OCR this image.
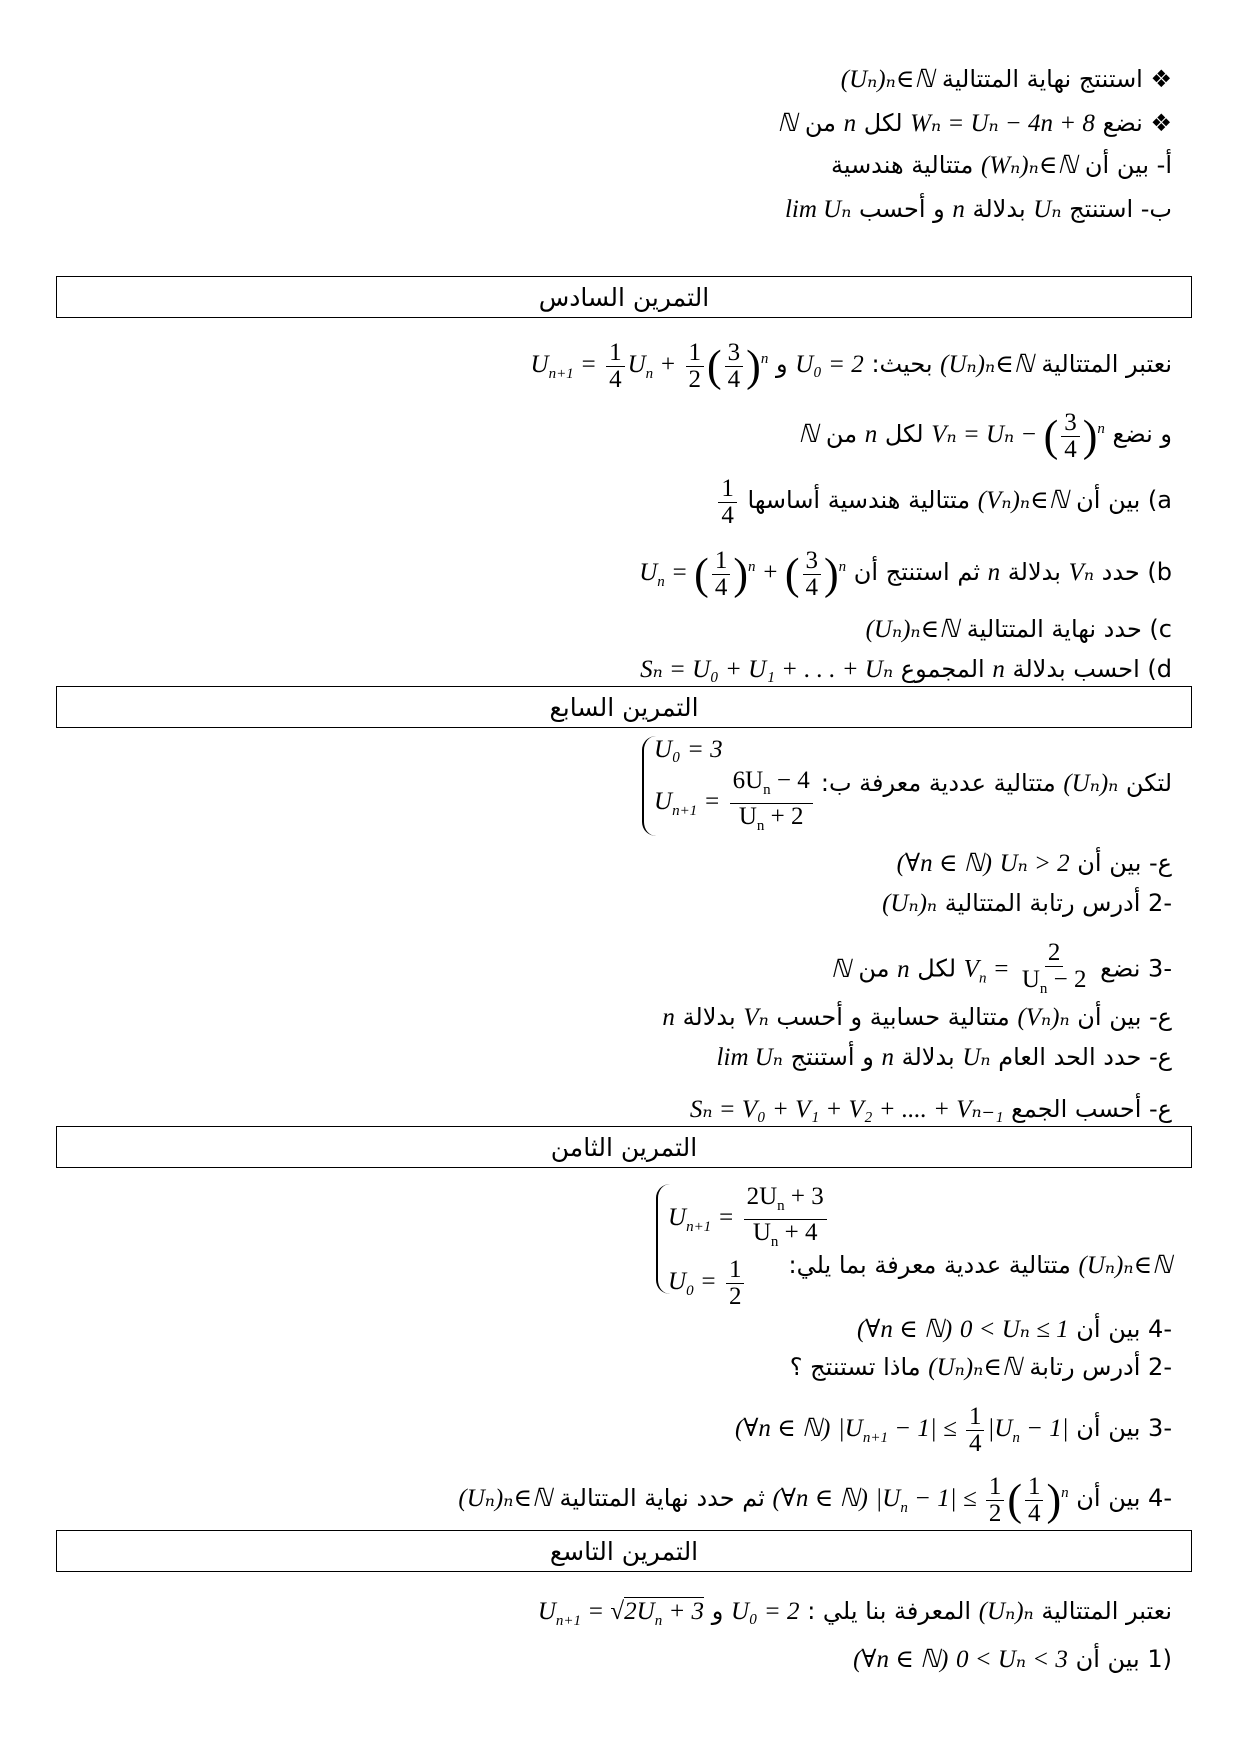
❖ استنتج نهاية المتتالية (Uₙ)ₙ∈ℕ
❖ نضع Wₙ = Uₙ − 4n + 8 لكل n من ℕ
أ- بين أن (Wₙ)ₙ∈ℕ متتالية هندسية
ب- استنتج Uₙ بدلالة n و أحسب lim Uₙ
التمرين السادس
نعتبر المتتالية (Uₙ)ₙ∈ℕ بحيث: U₀ = 2 و $U_{n+1} = \frac{1}{4} U_n + \frac{1}{2}$ ( $\frac{3}{4} )^n$
و نضع Vₙ = Uₙ − ( $\frac{3}{4} )^n$ لكل n من ℕ
a) بين أن (Vₙ)ₙ∈ℕ متتالية هندسية أساسها
$\frac{1}{4}$
b) حدد Vₙ بدلالة n ثم استنتج أن $U_n$ = ( $\frac{1}{4} )^n$ + ( $\frac{3}{4} )^n$
c) حدد نهاية المتتالية (Uₙ)ₙ∈ℕ
d) احسب بدلالة n المجموع Sₙ = U₀ + U₁ + . . . + Uₙ
التمرين السابع
لتكن (Uₙ)ₙ متتالية عددية معرفة ب:
U₀ = 3
$U_{n+1} = \frac{6U_n - 4}{U_n + 2}$
ع- بين أن Uₙ > 2 (∀n ∈ ℕ)
-2 أدرس رتابة المتتالية (Uₙ)ₙ
-3 نضع $V_n = \frac{2}{U_n - 2}$
لكل n من ℕ
ع- بين أن (Vₙ)ₙ متتالية حسابية و أحسب Vₙ بدلالة n
ع- حدد الحد العام Uₙ بدلالة n و أستنتج lim Uₙ
ع- أحسب الجمع Sₙ = V₀ + V₁ + V₂ + .... + Vₙ₋₁
التمرين الثامن
(Uₙ)ₙ∈ℕ متتالية عددية معرفة بما يلي:
$U_{n+1} = \frac{2U_n + 3}{U_n + 4}$
$U_0 = \frac{1}{2}$
-4 بين أن 0 < Uₙ ≤ 1 (∀n ∈ ℕ)
-2 أدرس رتابة (Uₙ)ₙ∈ℕ ماذا تستنتج ؟
-3 بين أن $|U_{n+1} - 1| \le \frac{1}{4} |U_n - 1|$ (∀n ∈ ℕ)
-4 بين أن $|U_n - 1| \le \frac{1}{2}$ ( $\frac{1}{4} )^n$ (∀n ∈ ℕ) ثم حدد نهاية المتتالية (Uₙ)ₙ∈ℕ
التمرين التاسع
نعتبر المتتالية (Uₙ)ₙ المعرفة بنا يلي : U₀ = 2 و $U_{n+1} = √2U_n + 3$
(1 بين أن 0 < Uₙ < 3 (∀n ∈ ℕ)
